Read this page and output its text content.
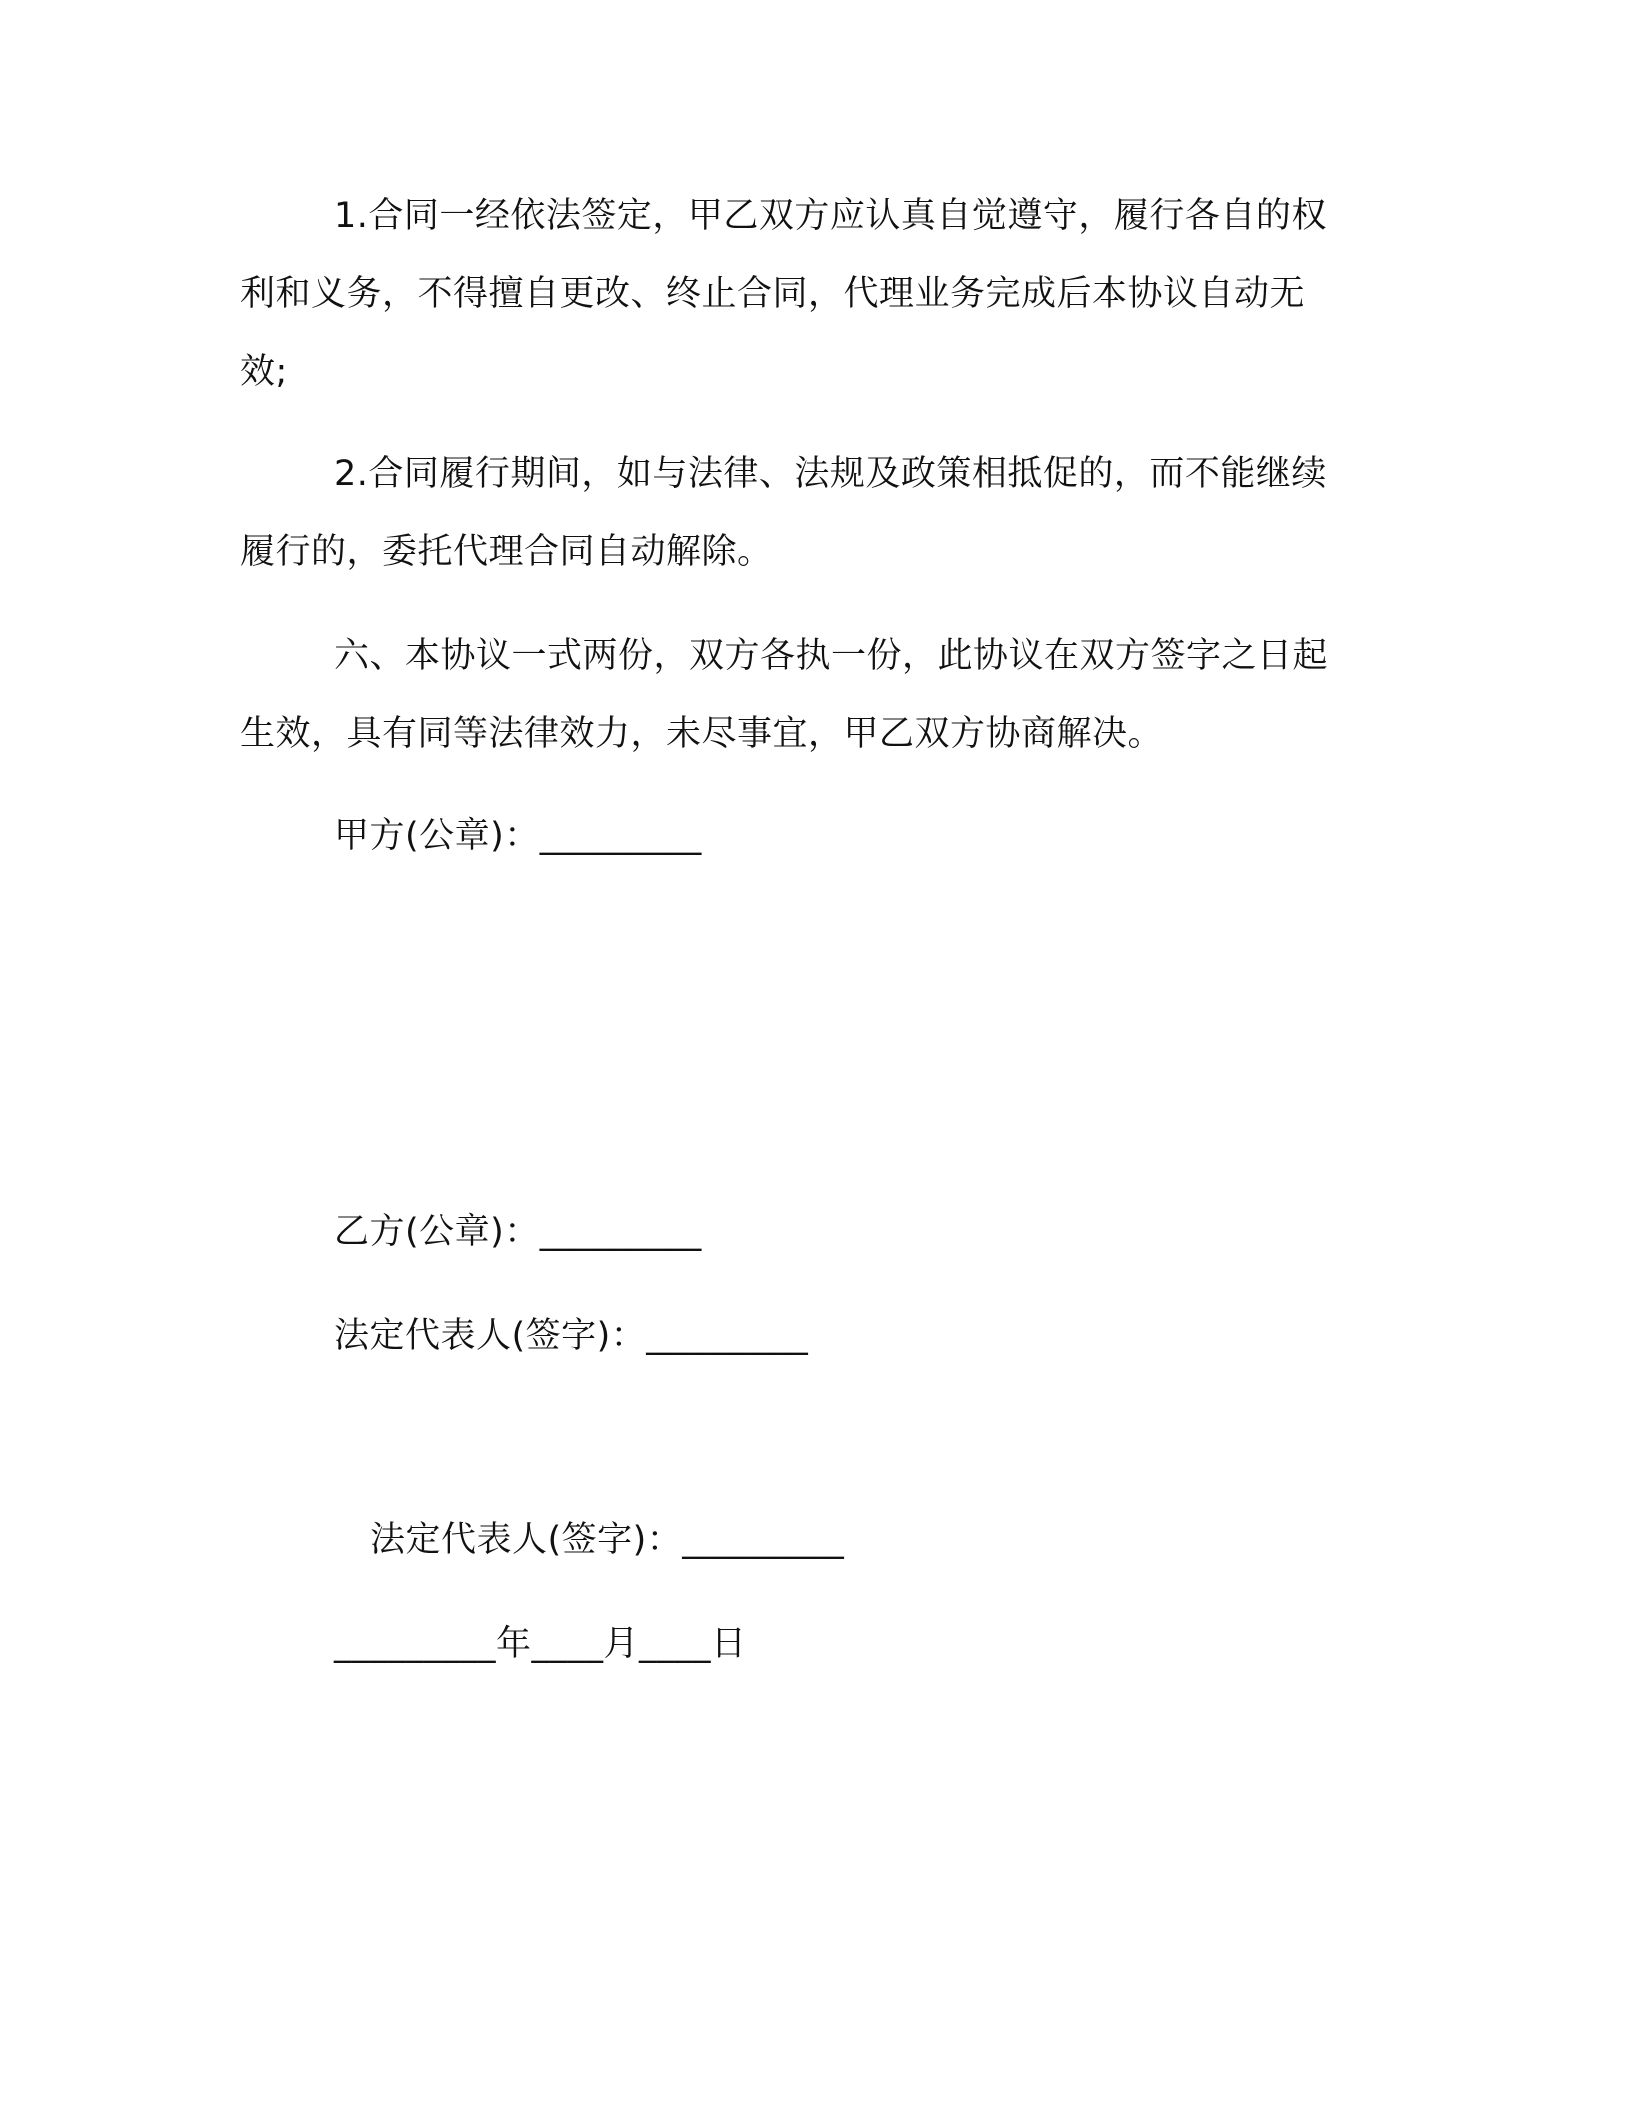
1.合同一经依法签定，甲乙双方应认真自觉遵守，履行各自的权
利和义务，不得擅自更改、终止合同，代理业务完成后本协议自动无
效;
2.合同履行期间，如与法律、法规及政策相抵促的，而不能继续
履行的，委托代理合同自动解除。
六、本协议一式两份，双方各执一份，此协议在双方签字之日起
生效，具有同等法律效力，未尽事宜，甲乙双方协商解决。
甲方(公章)：_________
乙方(公章)：_________
法定代表人(签字)：_________
法定代表人(签字)：_________
_________年____月____日
